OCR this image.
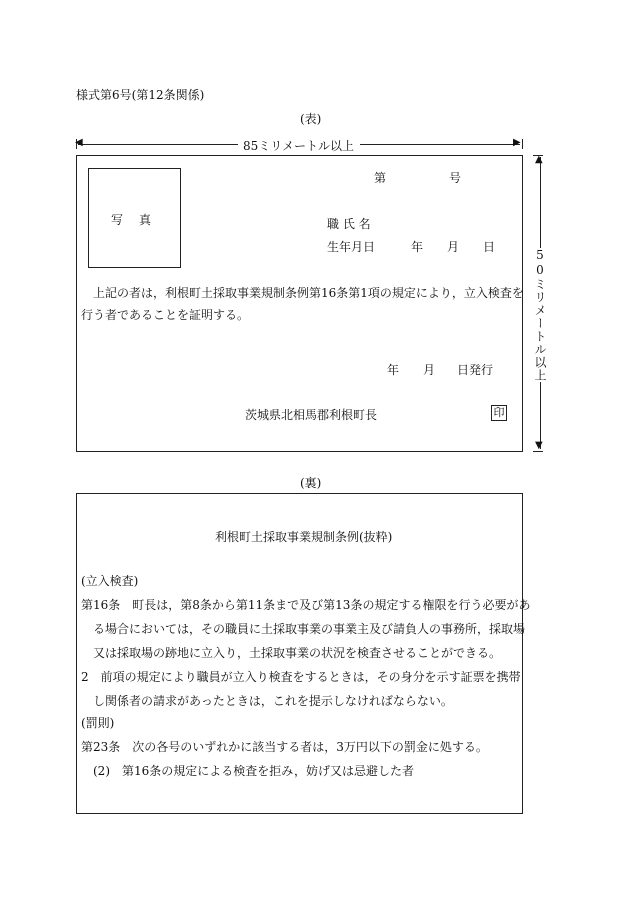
様式第6号(第12条関係)
(表)
◀	85ミリメートル以上	▶
▲
▼
50ミリメートル以上
写　真
第	号
職 氏 名
生年月日	年 月 日
上記の者は，利根町土採取事業規制条例第16条第1項の規定により，立入検査を
行う者であることを証明する。
年 月 日発行
茨城県北相馬郡利根町長	印
(裏)
利根町土採取事業規制条例(抜粋)
(立入検査)
第16条　町長は，第8条から第11条まで及び第13条の規定する権限を行う必要があ
る場合においては，その職員に土採取事業の事業主及び請負人の事務所，採取場
又は採取場の跡地に立入り，土採取事業の状況を検査させることができる。
2　前項の規定により職員が立入り検査をするときは，その身分を示す証票を携帯
し関係者の請求があったときは，これを提示しなければならない。
(罰則)
第23条　次の各号のいずれかに該当する者は，3万円以下の罰金に処する。
(2)　第16条の規定による検査を拒み，妨げ又は忌避した者
